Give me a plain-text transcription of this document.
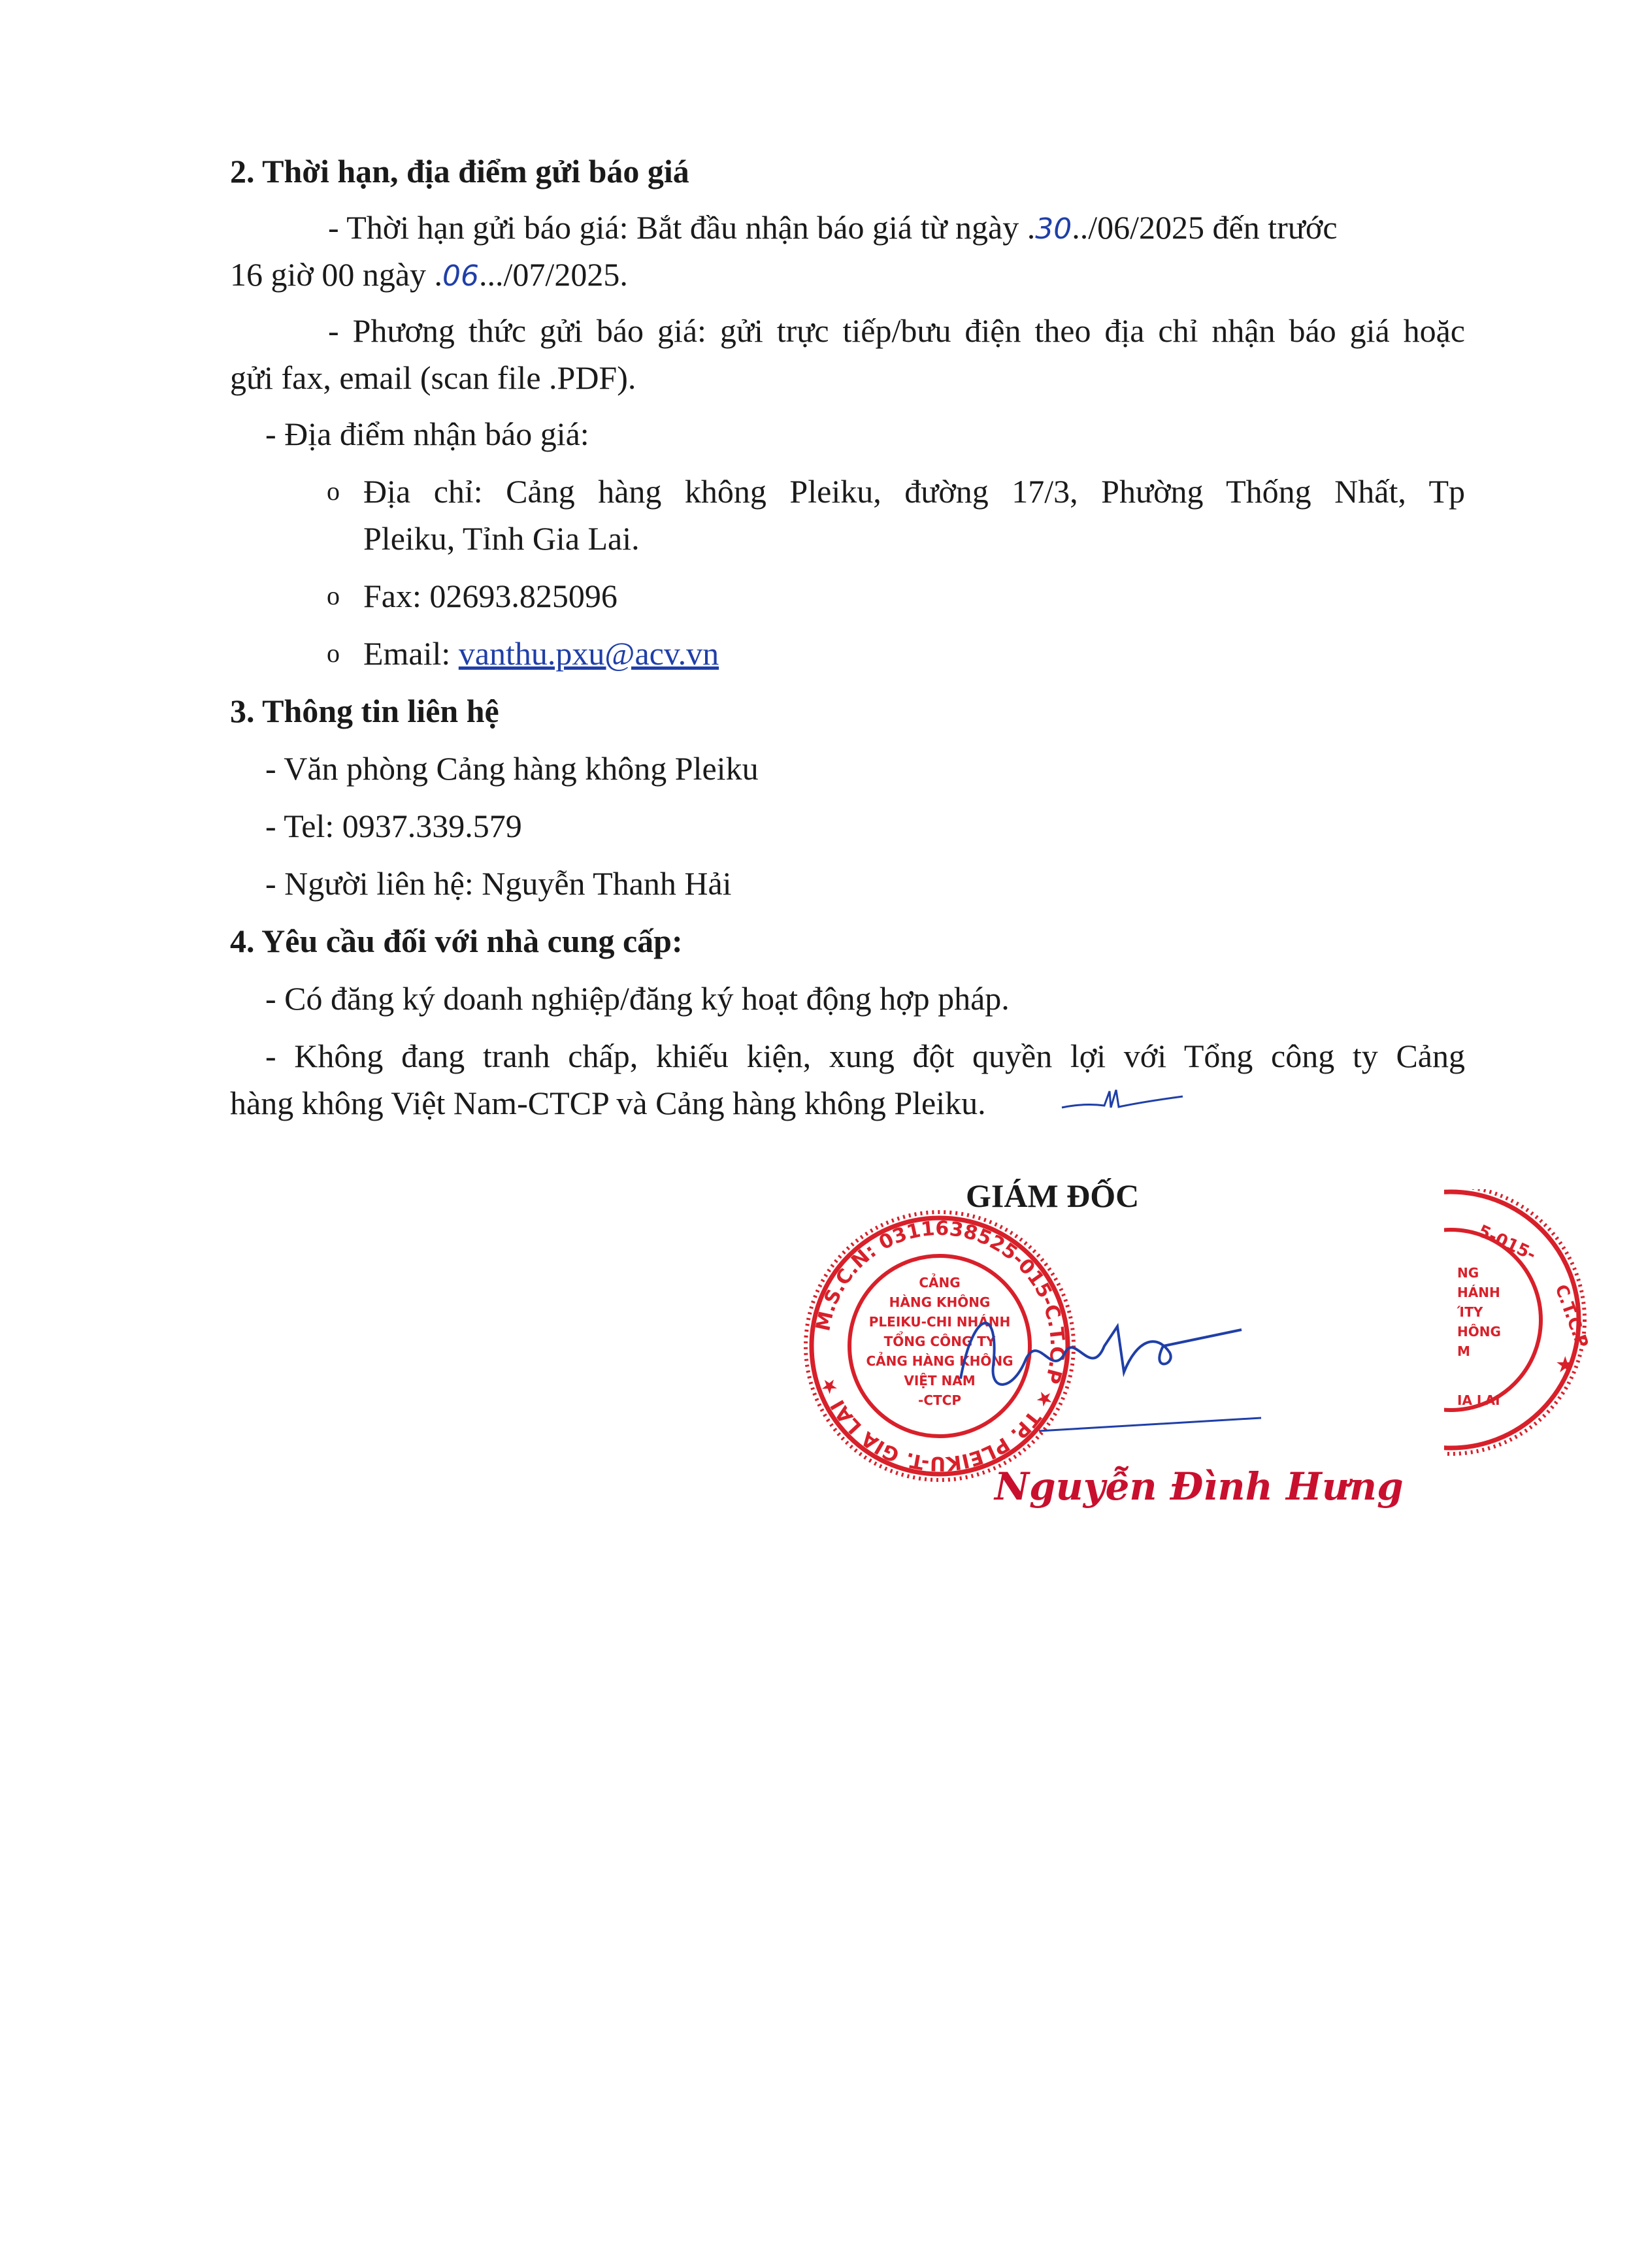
2. Thời hạn, địa điểm gửi báo giá
- Thời hạn gửi báo giá: Bắt đầu nhận báo giá từ ngày .30../06/2025 đến trước
16 giờ 00 ngày .06.../07/2025.
- Phương thức gửi báo giá: gửi trực tiếp/bưu điện theo địa chỉ nhận báo giá hoặc
gửi fax, email (scan file .PDF).
- Địa điểm nhận báo giá:
o Địa chỉ: Cảng hàng không Pleiku, đường 17/3, Phường Thống Nhất, Tp
Pleiku, Tỉnh Gia Lai.
o Fax: 02693.825096
o Email: vanthu.pxu@acv.vn
3. Thông tin liên hệ
- Văn phòng Cảng hàng không Pleiku
- Tel: 0937.339.579
- Người liên hệ: Nguyễn Thanh Hải
4. Yêu cầu đối với nhà cung cấp:
- Có đăng ký doanh nghiệp/đăng ký hoạt động hợp pháp.
- Không đang tranh chấp, khiếu kiện, xung đột quyền lợi với Tổng công ty Cảng
hàng không Việt Nam-CTCP và Cảng hàng không Pleiku.
GIÁM ĐỐC
M.S.C.N: 0311638525-015-C.T.C.P ★ TP. PLEIKU-T. GIA LAI ★
CẢNG
HÀNG KHÔNG
PLEIKU-CHI NHÁNH
TỔNG CÔNG TY
CẢNG HÀNG KHÔNG
VIỆT NAM
-CTCP
Nguyễn Đình Hưng
5-015-
C.T.C.P
NG
HÁNH
ΊTY
HÔNG
M
IA LAI
★
